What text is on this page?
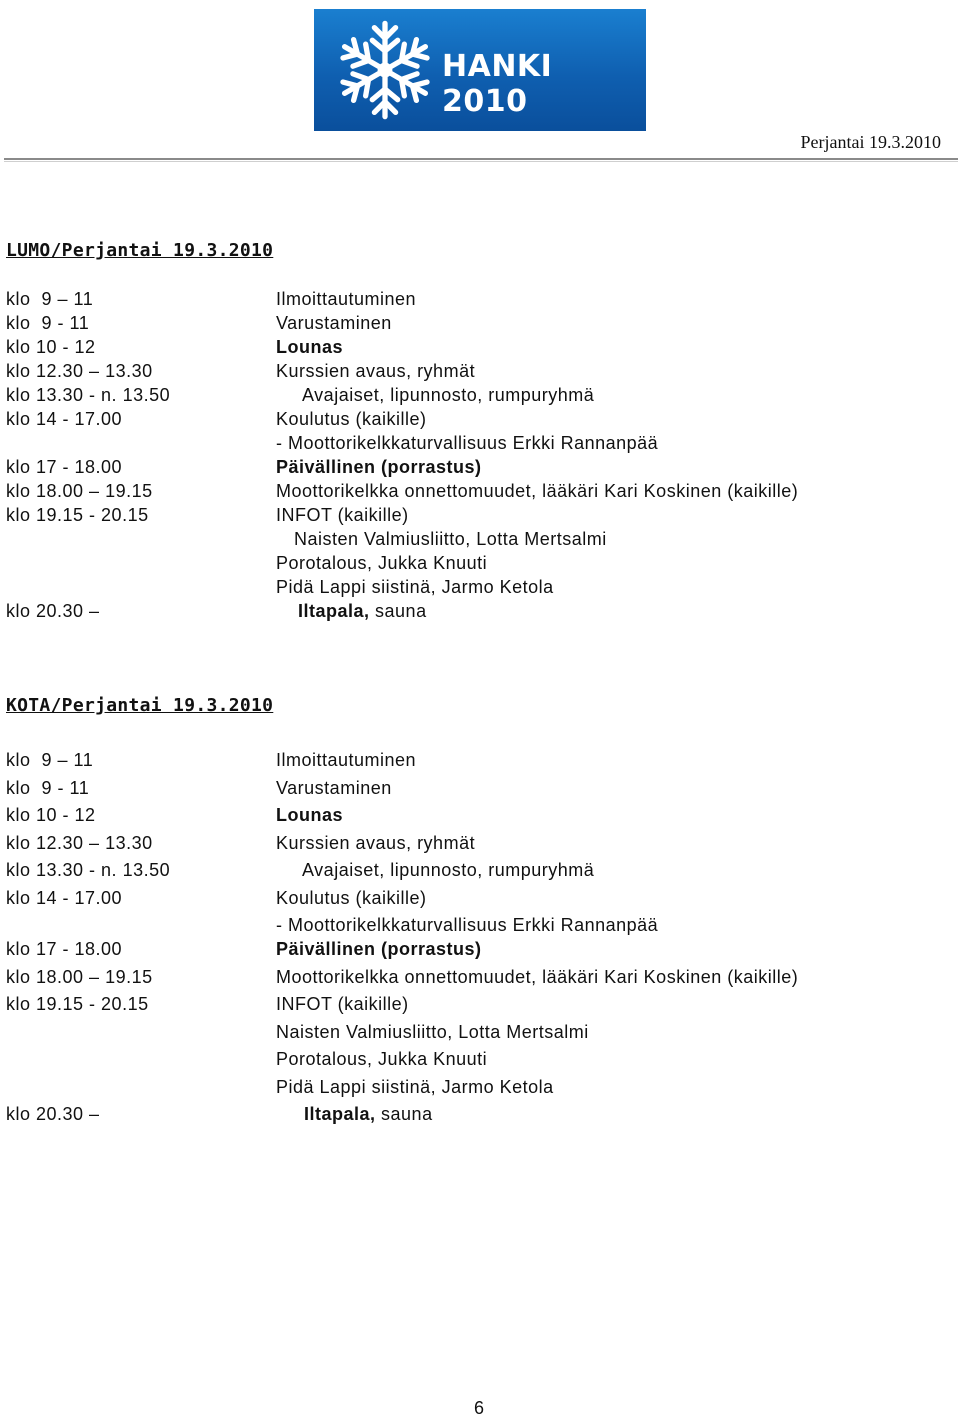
HANKI 2010
Perjantai 19.3.2010
LUMO/Perjantai 19.3.2010
klo  9 – 11	Ilmoittautuminen
klo  9 - 11	Varustaminen
klo 10 - 12	Lounas
klo 12.30 – 13.30	Kurssien avaus, ryhmät
klo 13.30 - n. 13.50	Avajaiset, lipunnosto, rumpuryhmä
klo 14 - 17.00	Koulutus (kaikille)
- Moottorikelkkaturvallisuus Erkki Rannanpää
klo 17 - 18.00	Päivällinen (porrastus)
klo 18.00 – 19.15	Moottorikelkka onnettomuudet, lääkäri Kari Koskinen (kaikille)
klo 19.15 - 20.15	INFOT (kaikille)
Naisten Valmiusliitto, Lotta Mertsalmi
Porotalous, Jukka Knuuti
Pidä Lappi siistinä, Jarmo Ketola
klo 20.30 –	Iltapala, sauna
KOTA/Perjantai 19.3.2010
klo  9 – 11	Ilmoittautuminen
klo  9 - 11	Varustaminen
klo 10 - 12	Lounas
klo 12.30 – 13.30	Kurssien avaus, ryhmät
klo 13.30 - n. 13.50	Avajaiset, lipunnosto, rumpuryhmä
klo 14 - 17.00	Koulutus (kaikille)
- Moottorikelkkaturvallisuus Erkki Rannanpää
klo 17 - 18.00	Päivällinen (porrastus)
klo 18.00 – 19.15	Moottorikelkka onnettomuudet, lääkäri Kari Koskinen (kaikille)
klo 19.15 - 20.15	INFOT (kaikille)
Naisten Valmiusliitto, Lotta Mertsalmi
Porotalous, Jukka Knuuti
Pidä Lappi siistinä, Jarmo Ketola
klo 20.30 –	Iltapala, sauna
6
